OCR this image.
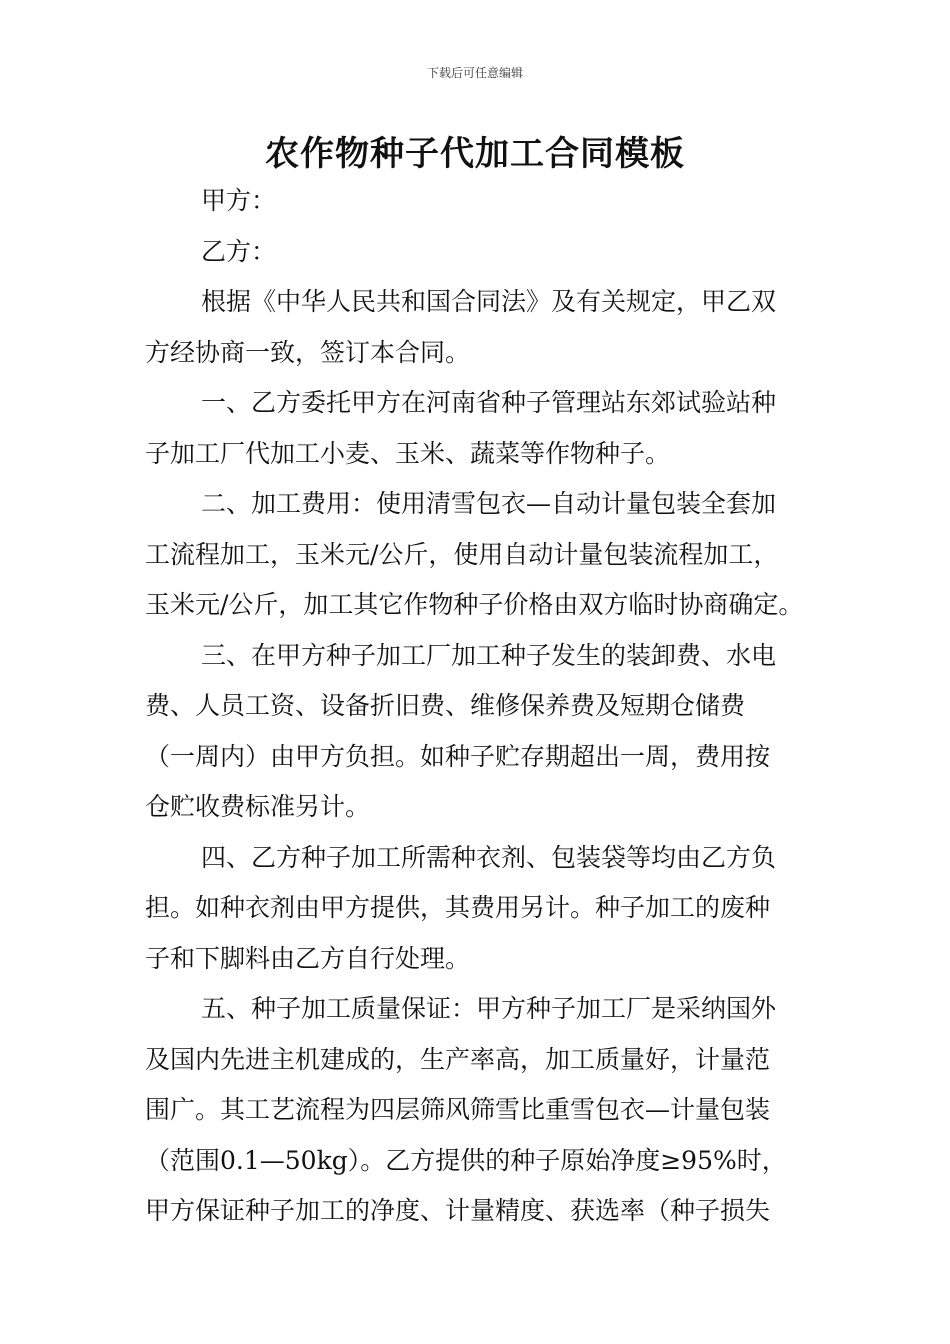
下载后可任意编辑
农作物种子代加工合同模板
甲方：
乙方：
根据《中华人民共和国合同法》及有关规定，甲乙双
方经协商一致，签订本合同。
一、乙方委托甲方在河南省种子管理站东郊试验站种
子加工厂代加工小麦、玉米、蔬菜等作物种子。
二、加工费用：使用清雪包衣—自动计量包装全套加
工流程加工，玉米元/公斤，使用自动计量包装流程加工，
玉米元/公斤，加工其它作物种子价格由双方临时协商确定。
三、在甲方种子加工厂加工种子发生的装卸费、水电
费、人员工资、设备折旧费、维修保养费及短期仓储费
（一周内）由甲方负担。如种子贮存期超出一周，费用按
仓贮收费标准另计。
四、乙方种子加工所需种衣剂、包装袋等均由乙方负
担。如种衣剂由甲方提供，其费用另计。种子加工的废种
子和下脚料由乙方自行处理。
五、种子加工质量保证：甲方种子加工厂是采纳国外
及国内先进主机建成的，生产率高，加工质量好，计量范
围广。其工艺流程为四层筛风筛雪比重雪包衣—计量包装
（范围0.1—50kg）。乙方提供的种子原始净度≥95%时，
甲方保证种子加工的净度、计量精度、获选率（种子损失
